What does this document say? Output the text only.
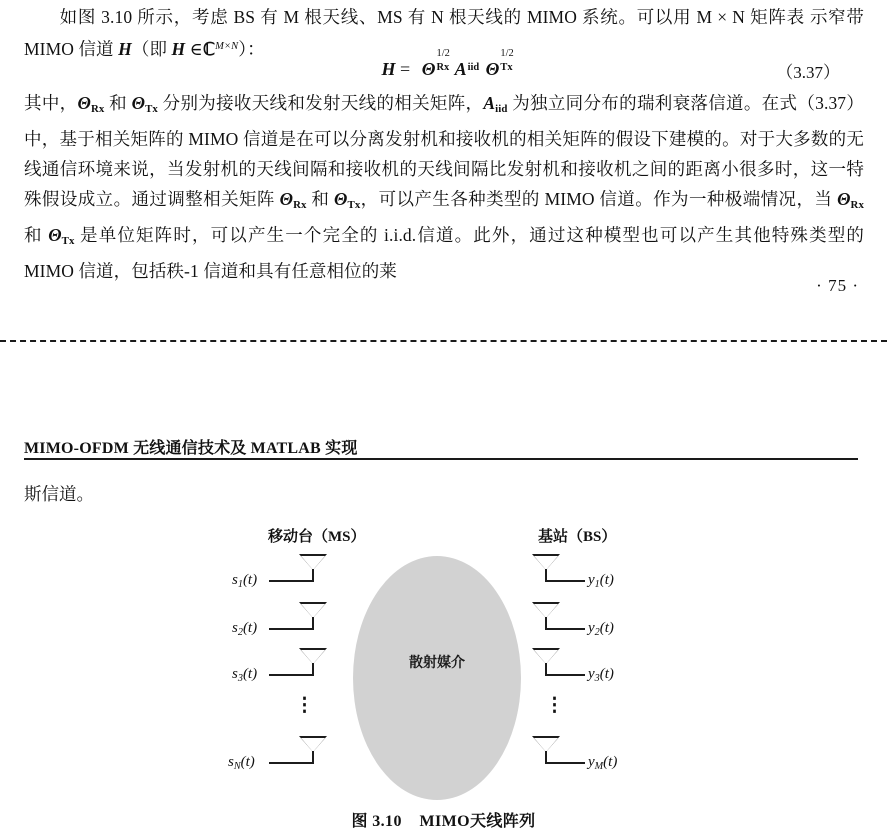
如图 3.10 所示，考虑 BS 有 M 根天线、MS 有 N 根天线的 MIMO 系统。可以用 M × N 矩阵表 示窄带 MIMO 信道 H（即 H ∈ℂ$^{M\times N}$）：
H = Θ
1/2
Rx A iid Θ
1/2
Tx	（3.37）
其中，$\Theta_{Rx}$ 和 $\Theta_{Tx}$ 分别为接收天线和发射天线的相关矩阵，$A_{iid}$ 为独立同分布的瑞利衰落信道。在式（3.37）中，基于相关矩阵的 MIMO 信道是在可以分离发射机和接收机的相关矩阵的假设下建模的。对于大多数的无线通信环境来说，当发射机的天线间隔和接收机的天线间隔比发射机和接收机之间的距离小很多时，这一特殊假设成立。通过调整相关矩阵 $\Theta_{Rx}$ 和 $\Theta_{Tx}$，可以产生各种类型的 MIMO 信道。作为一种极端情况，当 $\Theta_{Rx}$ 和 $\Theta_{Tx}$ 是单位矩阵时，可以产生一个完全的 i.i.d.信道。此外，通过这种模型也可以产生其他特殊类型的 MIMO 信道，包括秩-1 信道和具有任意相位的莱
· 75 ·
MIMO-OFDM 无线通信技术及 MATLAB 实现
斯信道。
移动台（MS）	基站（BS）
散射媒介
$s_1(t)$
$s_2(t)$
$s_3(t)$
⋮
$s_N(t)$
$y_1(t)$
$y_2(t)$
$y_3(t)$
⋮
$y_M(t)$
图 3.10 MIMO天线阵列
